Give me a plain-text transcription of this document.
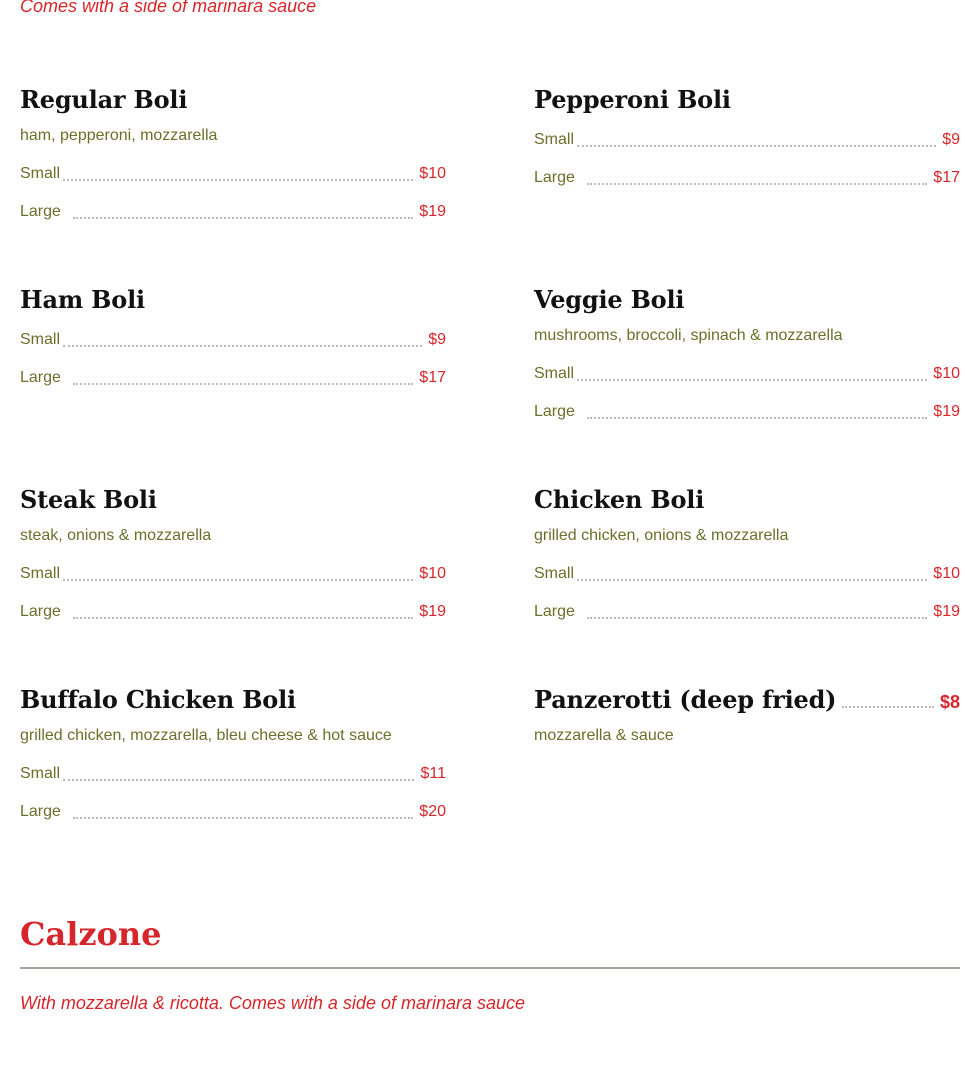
Comes with a side of marinara sauce
Regular Boli
ham, pepperoni, mozzarella
Small	$10
Large	$19
Pepperoni Boli
Small	$9
Large	$17
Ham Boli
Small	$9
Large	$17
Veggie Boli
mushrooms, broccoli, spinach & mozzarella
Small	$10
Large	$19
Steak Boli
steak, onions & mozzarella
Small	$10
Large	$19
Chicken Boli
grilled chicken, onions & mozzarella
Small	$10
Large	$19
Buffalo Chicken Boli
grilled chicken, mozzarella, bleu cheese & hot sauce
Small	$11
Large	$20
Panzerotti (deep fried)	$8
mozzarella & sauce
Calzone
With mozzarella & ricotta. Comes with a side of marinara sauce
